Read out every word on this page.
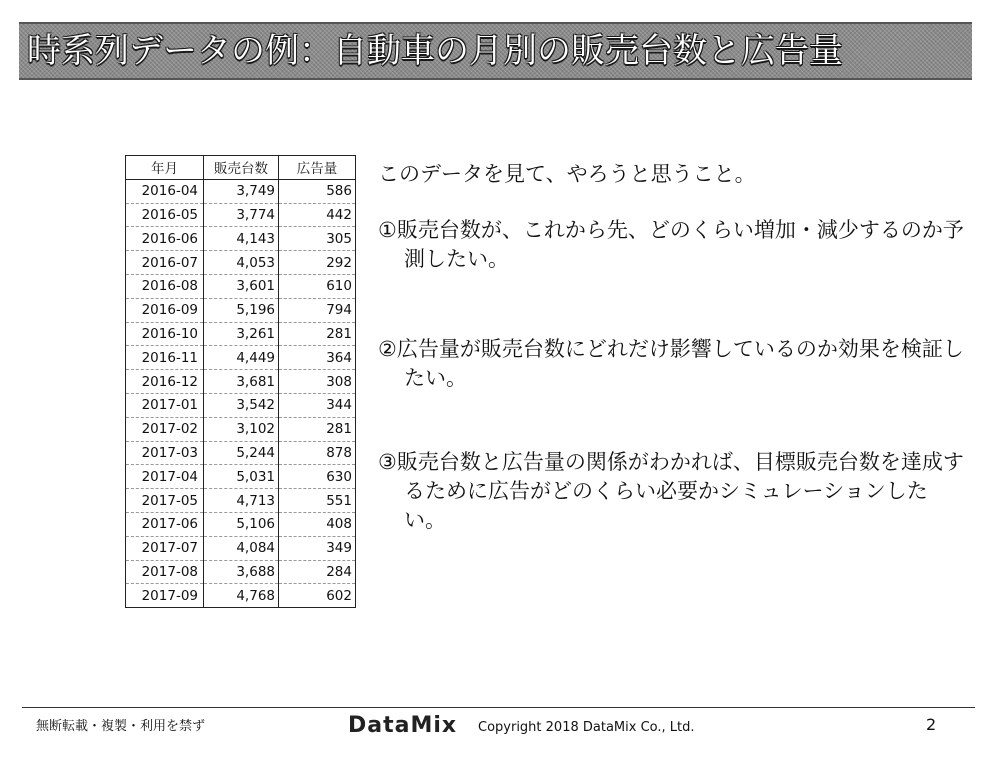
時系列データの例：自動車の月別の販売台数と広告量
年月	販売台数	広告量
2016-04	3,749	586
2016-05	3,774	442
2016-06	4,143	305
2016-07	4,053	292
2016-08	3,601	610
2016-09	5,196	794
2016-10	3,261	281
2016-11	4,449	364
2016-12	3,681	308
2017-01	3,542	344
2017-02	3,102	281
2017-03	5,244	878
2017-04	5,031	630
2017-05	4,713	551
2017-06	5,106	408
2017-07	4,084	349
2017-08	3,688	284
2017-09	4,768	602
このデータを見て、やろうと思うこと。
①販売台数が、これから先、どのくらい増加・減少するのか予測したい。
②広告量が販売台数にどれだけ影響しているのか効果を検証したい。
③販売台数と広告量の関係がわかれば、目標販売台数を達成するために広告がどのくらい必要かシミュレーションしたい。
無断転載・複製・利用を禁ず	DataMix Copyright 2018 DataMix Co., Ltd.	2
